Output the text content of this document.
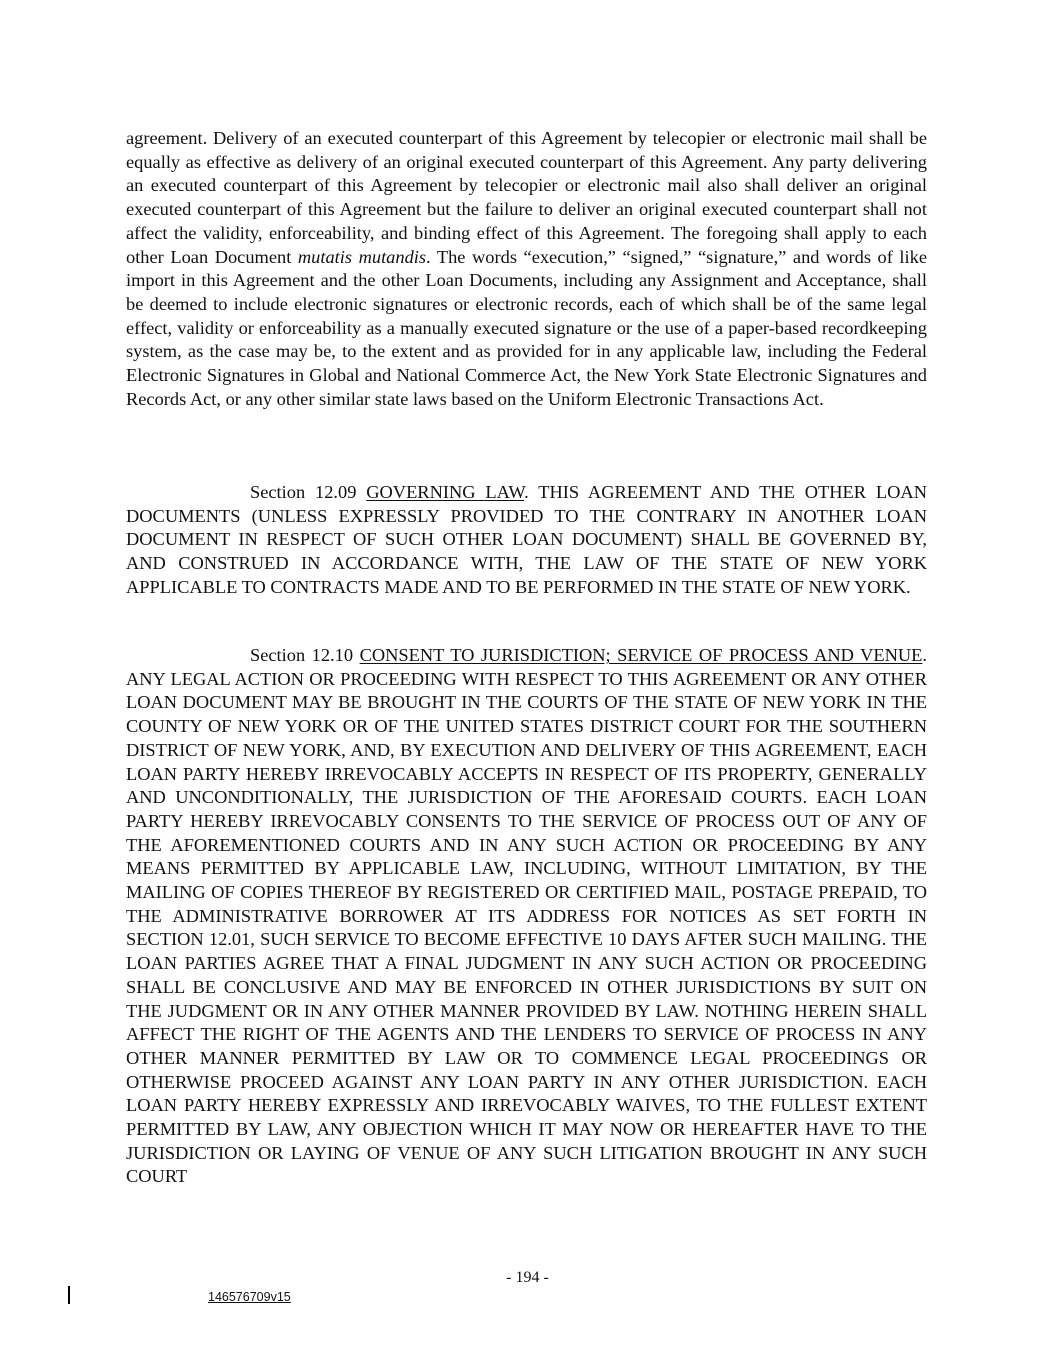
agreement. Delivery of an executed counterpart of this Agreement by telecopier or electronic mail shall be equally as effective as delivery of an original executed counterpart of this Agreement. Any party delivering an executed counterpart of this Agreement by telecopier or electronic mail also shall deliver an original executed counterpart of this Agreement but the failure to deliver an original executed counterpart shall not affect the validity, enforceability, and binding effect of this Agreement. The foregoing shall apply to each other Loan Document mutatis mutandis. The words “execution,” “signed,” “signature,” and words of like import in this Agreement and the other Loan Documents, including any Assignment and Acceptance, shall be deemed to include electronic signatures or electronic records, each of which shall be of the same legal effect, validity or enforceability as a manually executed signature or the use of a paper-based recordkeeping system, as the case may be, to the extent and as provided for in any applicable law, including the Federal Electronic Signatures in Global and National Commerce Act, the New York State Electronic Signatures and Records Act, or any other similar state laws based on the Uniform Electronic Transactions Act.
Section 12.09 GOVERNING LAW. THIS AGREEMENT AND THE OTHER LOAN DOCUMENTS (UNLESS EXPRESSLY PROVIDED TO THE CONTRARY IN ANOTHER LOAN DOCUMENT IN RESPECT OF SUCH OTHER LOAN DOCUMENT) SHALL BE GOVERNED BY, AND CONSTRUED IN ACCORDANCE WITH, THE LAW OF THE STATE OF NEW YORK APPLICABLE TO CONTRACTS MADE AND TO BE PERFORMED IN THE STATE OF NEW YORK.
Section 12.10 CONSENT TO JURISDICTION; SERVICE OF PROCESS AND VENUE. ANY LEGAL ACTION OR PROCEEDING WITH RESPECT TO THIS AGREEMENT OR ANY OTHER LOAN DOCUMENT MAY BE BROUGHT IN THE COURTS OF THE STATE OF NEW YORK IN THE COUNTY OF NEW YORK OR OF THE UNITED STATES DISTRICT COURT FOR THE SOUTHERN DISTRICT OF NEW YORK, AND, BY EXECUTION AND DELIVERY OF THIS AGREEMENT, EACH LOAN PARTY HEREBY IRREVOCABLY ACCEPTS IN RESPECT OF ITS PROPERTY, GENERALLY AND UNCONDITIONALLY, THE JURISDICTION OF THE AFORESAID COURTS. EACH LOAN PARTY HEREBY IRREVOCABLY CONSENTS TO THE SERVICE OF PROCESS OUT OF ANY OF THE AFOREMENTIONED COURTS AND IN ANY SUCH ACTION OR PROCEEDING BY ANY MEANS PERMITTED BY APPLICABLE LAW, INCLUDING, WITHOUT LIMITATION, BY THE MAILING OF COPIES THEREOF BY REGISTERED OR CERTIFIED MAIL, POSTAGE PREPAID, TO THE ADMINISTRATIVE BORROWER AT ITS ADDRESS FOR NOTICES AS SET FORTH IN SECTION 12.01, SUCH SERVICE TO BECOME EFFECTIVE 10 DAYS AFTER SUCH MAILING. THE LOAN PARTIES AGREE THAT A FINAL JUDGMENT IN ANY SUCH ACTION OR PROCEEDING SHALL BE CONCLUSIVE AND MAY BE ENFORCED IN OTHER JURISDICTIONS BY SUIT ON THE JUDGMENT OR IN ANY OTHER MANNER PROVIDED BY LAW. NOTHING HEREIN SHALL AFFECT THE RIGHT OF THE AGENTS AND THE LENDERS TO SERVICE OF PROCESS IN ANY OTHER MANNER PERMITTED BY LAW OR TO COMMENCE LEGAL PROCEEDINGS OR OTHERWISE PROCEED AGAINST ANY LOAN PARTY IN ANY OTHER JURISDICTION. EACH LOAN PARTY HEREBY EXPRESSLY AND IRREVOCABLY WAIVES, TO THE FULLEST EXTENT PERMITTED BY LAW, ANY OBJECTION WHICH IT MAY NOW OR HEREAFTER HAVE TO THE JURISDICTION OR LAYING OF VENUE OF ANY SUCH LITIGATION BROUGHT IN ANY SUCH COURT
- 194 -
146576709v15
